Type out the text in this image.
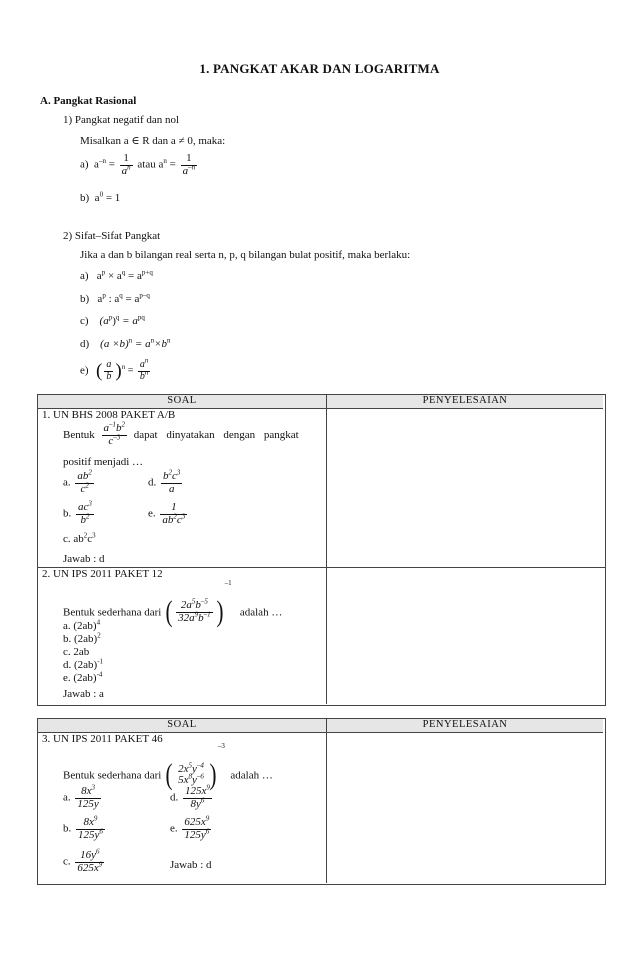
1. PANGKAT AKAR DAN LOGARITMA
A. Pangkat Rasional
1) Pangkat negatif dan nol
Misalkan a ∈ R dan a ≠ 0, maka:
a) $a^{-n} = \frac{1}{a^n}$ atau $a^n = \frac{1}{a^{-n}}$
b) $a^0 = 1$
2) Sifat–Sifat Pangkat
Jika a dan b bilangan real serta n, p, q bilangan bulat positif, maka berlaku:
a) $a^p \times a^q = a^{p+q}$
b) $a^p$ : $a^q = a^{p-q}$
c) $(a^p)^q = a^{pq}$
d) $(a \times b)^n = a^n\times b^n$
e) ( $\frac{a}{b} )^n = \frac{a^n}{b^n}$
SOAL	PENYELESAIAN
1. UN BHS 2008 PAKET A/B
Bentuk $\frac{a^{-1}b^2}{c^{-3}}$ dapat dinyatakan dengan pangkat
positif menjadi …
a. $\frac{ab^2}{c^2}$	d. $\frac{b^2c^3}{a}$
b. $\frac{ac^3}{b^2}$	e. $\frac{1}{ab^2c^3}$
c. $ab^2c^3$
Jawab : d
2. UN IPS 2011 PAKET 12
Bentuk sederhana dari ( $\frac{2a^5b^{-5}}{32a^9b^{-1}} )^{-1}$   adalah …
a. $(2ab)^4$
b. $(2ab)^2$
c. 2ab
d. $(2ab)^{-1}$
e. $(2ab)^{-4}$
Jawab : a
SOAL	PENYELESAIAN
3. UN IPS 2011 PAKET 46
Bentuk sederhana dari ( $2x^5y^{-4}$
$5x^8y^{-6}$ )$^{-3}$  adalah …
a. $\frac{8x^3}{125y}$	d. $\frac{125x^9}{8y^6}$
b. $\frac{8x^9}{125y^6}$	e. $\frac{625x^9}{125y^6}$
c. $\frac{16y^6}{625x^9}$	Jawab : d
